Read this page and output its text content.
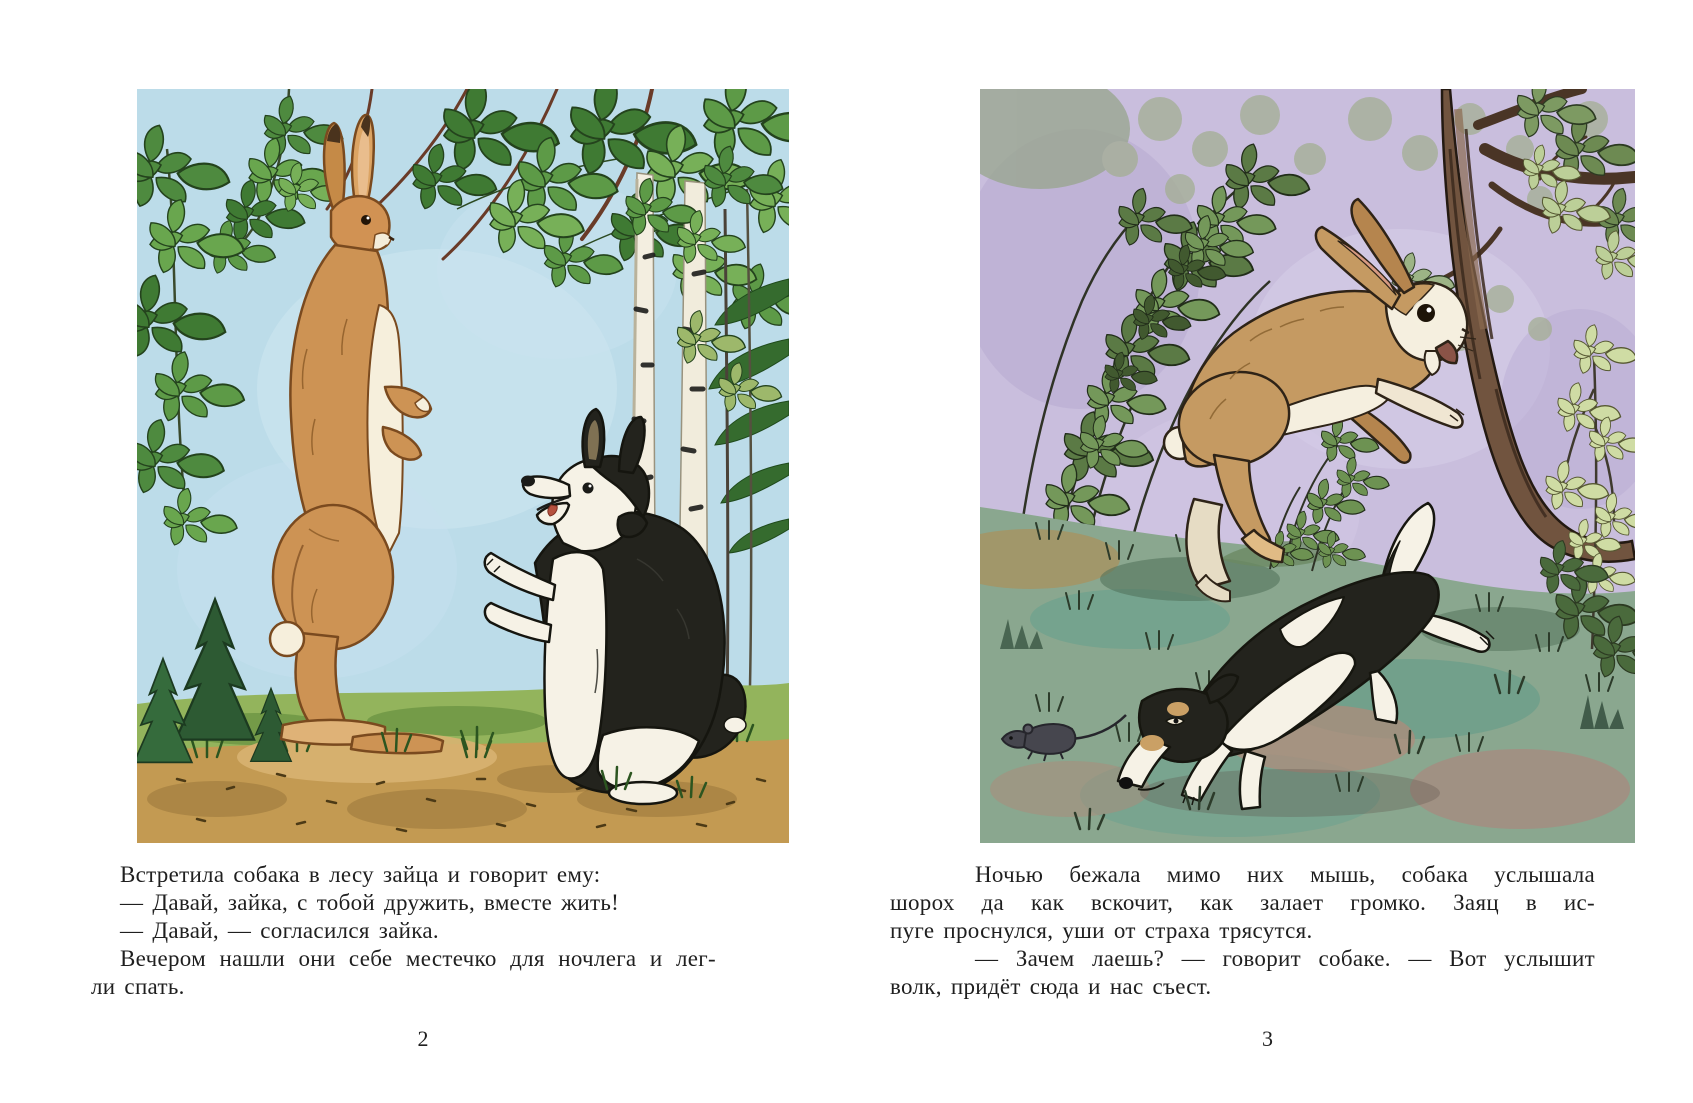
Встретила собака в лесу зайца и говорит ему:
— Давай, зайка, с тобой дружить, вместе жить!
— Давай, — согласился зайка.
Вечером нашли они себе местечко для ночлега и лег-
ли спать.
2
Ночью бежала мимо них мышь, собака услышала
шорох да как вскочит, как залает громко. Заяц в ис-
пуге проснулся, уши от страха трясутся.
— Зачем лаешь? — говорит собаке. — Вот услышит
волк, придёт сюда и нас съест.
3
